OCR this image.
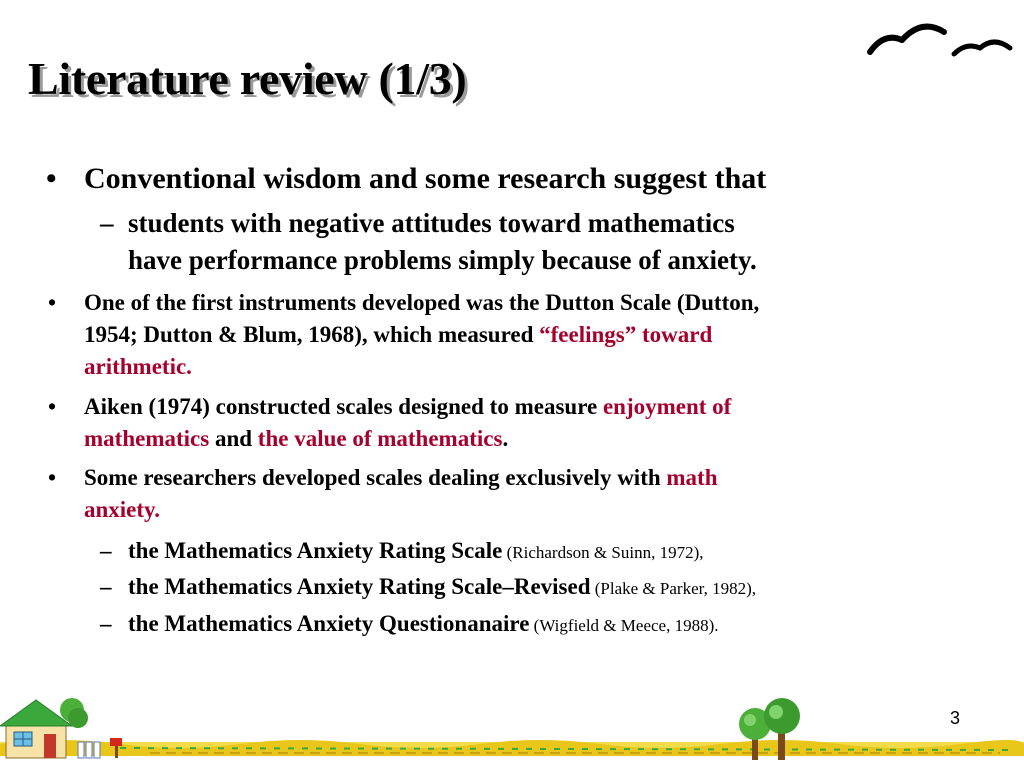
Literature review (1/3)
• Conventional wisdom and some research suggest that
– students with negative attitudes toward mathematics
have performance problems simply because of anxiety.
• One of the first instruments developed was the Dutton Scale (Dutton,
1954; Dutton & Blum, 1968), which measured “feelings” toward
arithmetic.
• Aiken (1974) constructed scales designed to measure enjoyment of
mathematics and the value of mathematics.
• Some researchers developed scales dealing exclusively with math
anxiety.
– the Mathematics Anxiety Rating Scale (Richardson & Suinn, 1972),
– the Mathematics Anxiety Rating Scale–Revised (Plake & Parker, 1982),
– the Mathematics Anxiety Questionanaire (Wigfield & Meece, 1988).
3
